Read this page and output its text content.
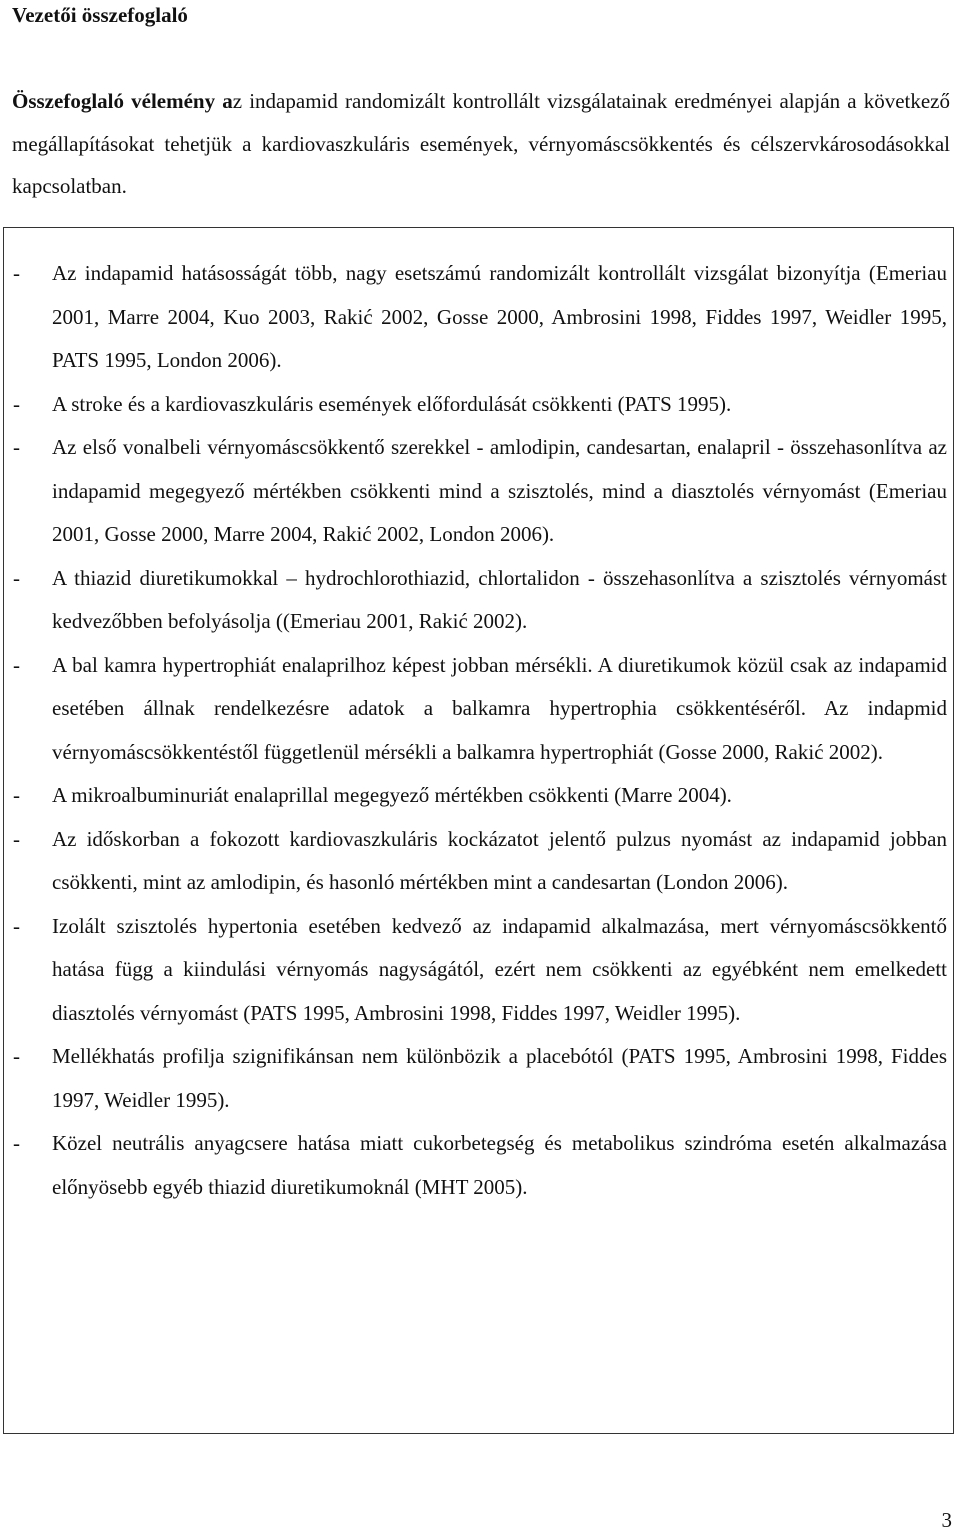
Vezetői összefoglaló

Összefoglaló vélemény az indapamid randomizált kontrollált vizsgálatainak eredményei alapján a következő megállapításokat tehetjük a kardiovaszkuláris események, vérnyomáscsökkentés és célszervkárosodásokkal kapcsolatban.

- Az indapamid hatásosságát több, nagy esetszámú randomizált kontrollált vizsgálat bizonyítja (Emeriau 2001, Marre 2004, Kuo 2003, Rakić 2002, Gosse 2000, Ambrosini 1998, Fiddes 1997, Weidler 1995, PATS 1995, London 2006).
- A stroke és a kardiovaszkuláris események előfordulását csökkenti (PATS 1995).
- Az első vonalbeli vérnyomáscsökkentő szerekkel - amlodipin, candesartan, enalapril - összehasonlítva az indapamid megegyező mértékben csökkenti mind a szisztolés, mind a diasztolés vérnyomást (Emeriau 2001, Gosse 2000, Marre 2004, Rakić 2002, London 2006).
- A thiazid diuretikumokkal – hydrochlorothiazid, chlortalidon - összehasonlítva a szisztolés vérnyomást kedvezőbben befolyásolja ((Emeriau 2001, Rakić 2002).
- A bal kamra hypertrophiát enalaprilhoz képest jobban mérsékli. A diuretikumok közül csak az indapamid esetében állnak rendelkezésre adatok a balkamra hypertrophia csökkentéséről. Az indapmid vérnyomáscsökkentéstől függetlenül mérsékli a balkamra hypertrophiát (Gosse 2000, Rakić 2002).
- A mikroalbuminuriát enalaprillal megegyező mértékben csökkenti (Marre 2004).
- Az időskorban a fokozott kardiovaszkuláris kockázatot jelentő pulzus nyomást az indapamid jobban csökkenti, mint az amlodipin, és hasonló mértékben mint a candesartan (London 2006).
- Izolált szisztolés hypertonia esetében kedvező az indapamid alkalmazása, mert vérnyomáscsökkentő hatása függ a kiindulási vérnyomás nagyságától, ezért nem csökkenti az egyébként nem emelkedett diasztolés vérnyomást (PATS 1995, Ambrosini 1998, Fiddes 1997, Weidler 1995).
- Mellékhatás profilja szignifikánsan nem különbözik a placebótól (PATS 1995, Ambrosini 1998, Fiddes 1997, Weidler 1995).
- Közel neutrális anyagcsere hatása miatt cukorbetegség és metabolikus szindróma esetén alkalmazása előnyösebb egyéb thiazid diuretikumoknál (MHT 2005).
3
